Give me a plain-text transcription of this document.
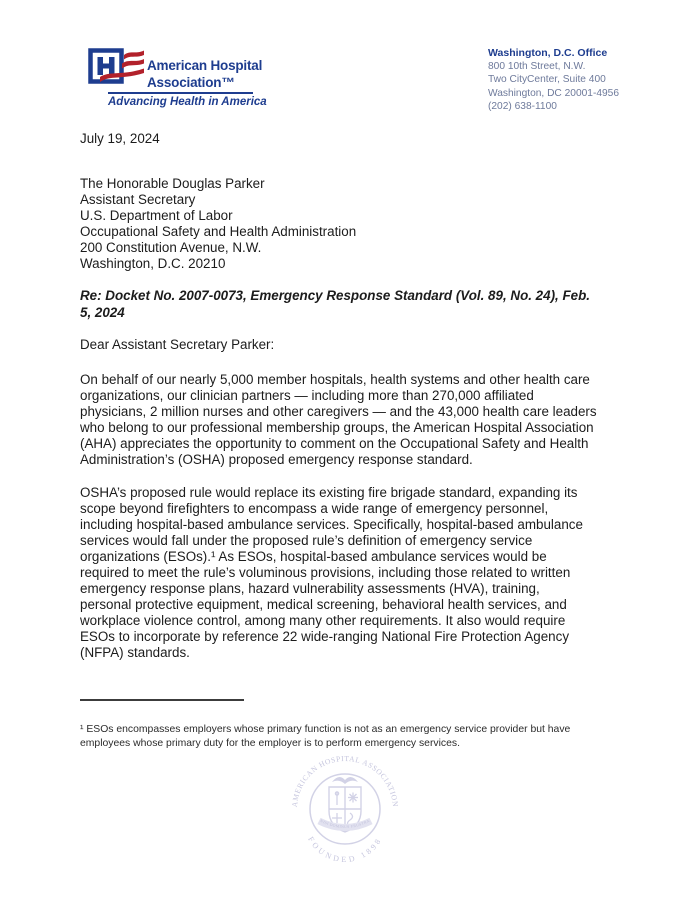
American Hospital
Association™
Advancing Health in America
Washington, D.C. Office
800 10th Street, N.W.
Two CityCenter, Suite 400
Washington, DC 20001-4956
(202) 638-1100
July 19, 2024
The Honorable Douglas Parker
Assistant Secretary
U.S. Department of Labor
Occupational Safety and Health Administration
200 Constitution Avenue, N.W.
Washington, D.C. 20210
Re: Docket No. 2007-0073, Emergency Response Standard (Vol. 89, No. 24), Feb.
5, 2024
Dear Assistant Secretary Parker:
On behalf of our nearly 5,000 member hospitals, health systems and other health care
organizations, our clinician partners — including more than 270,000 affiliated
physicians, 2 million nurses and other caregivers — and the 43,000 health care leaders
who belong to our professional membership groups, the American Hospital Association
(AHA) appreciates the opportunity to comment on the Occupational Safety and Health
Administration’s (OSHA) proposed emergency response standard.
OSHA’s proposed rule would replace its existing fire brigade standard, expanding its
scope beyond firefighters to encompass a wide range of emergency personnel,
including hospital-based ambulance services. Specifically, hospital-based ambulance
services would fall under the proposed rule’s definition of emergency service
organizations (ESOs).¹ As ESOs, hospital-based ambulance services would be
required to meet the rule’s voluminous provisions, including those related to written
emergency response plans, hazard vulnerability assessments (HVA), training,
personal protective equipment, medical screening, behavioral health services, and
workplace violence control, among many other requirements. It also would require
ESOs to incorporate by reference 22 wide-ranging National Fire Protection Agency
(NFPA) standards.
¹ ESOs encompasses employers whose primary function is not as an emergency service provider but have
employees whose primary duty for the employer is to perform emergency services.
NISI DOMINUS FRUSTRA
AMERICAN HOSPITAL ASSOCIATION
FOUNDED 1898
